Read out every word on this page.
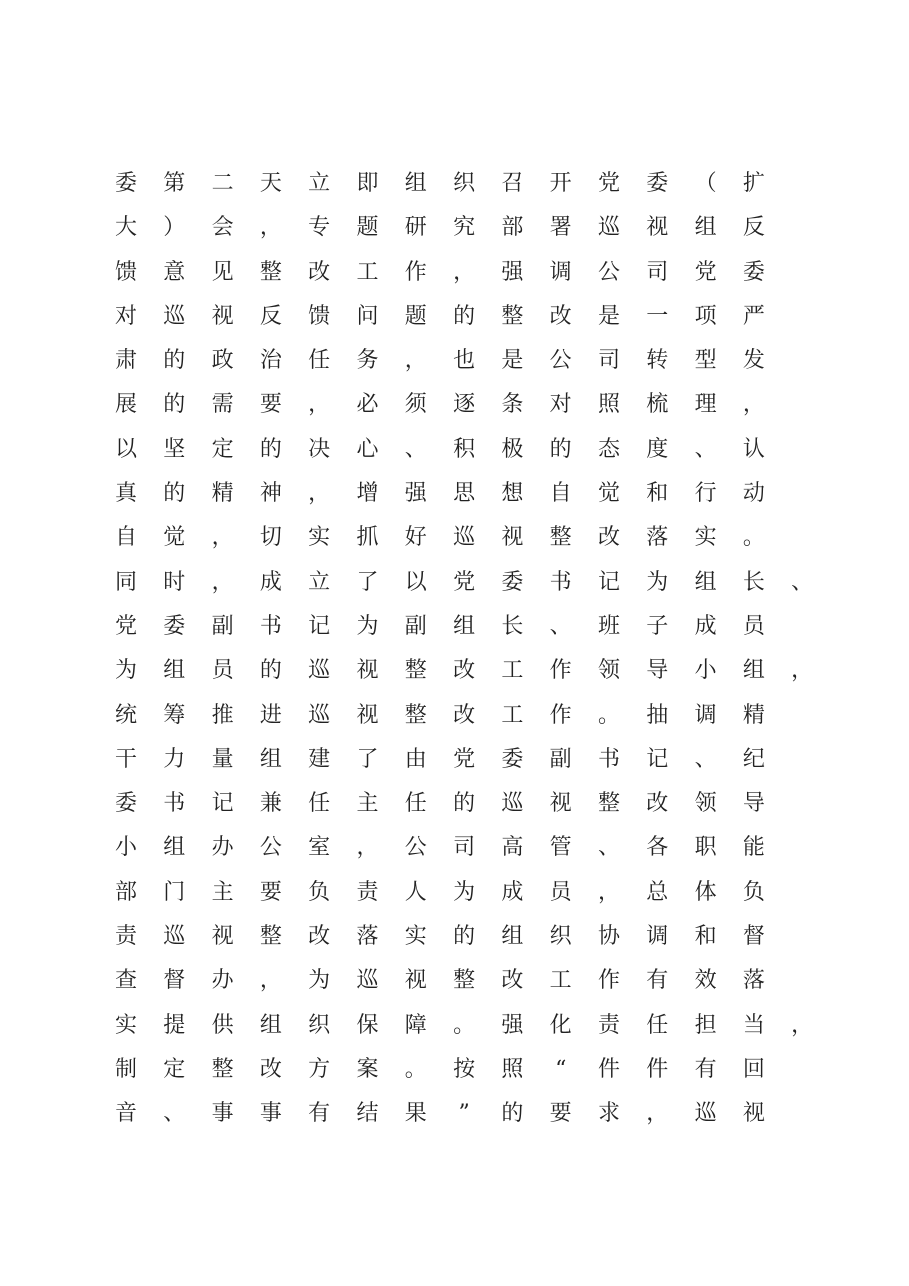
委 第 二 天 立 即 组 织 召 开 党 委 （ 扩
大 ） 会 ， 专 题 研 究 部 署 巡 视 组 反
馈 意 见 整 改 工 作 ， 强 调 公 司 党 委
对 巡 视 反 馈 问 题 的 整 改 是 一 项 严
肃 的 政 治 任 务 ， 也 是 公 司 转 型 发
展 的 需 要 ， 必 须 逐 条 对 照 梳 理 ，
以 坚 定 的 决 心 、 积 极 的 态 度 、 认
真 的 精 神 ， 增 强 思 想 自 觉 和 行 动
自 觉 ， 切 实 抓 好 巡 视 整 改 落 实 。
同 时 ， 成 立 了 以 党 委 书 记 为 组 长 、
党 委 副 书 记 为 副 组 长 、 班 子 成 员
为 组 员 的 巡 视 整 改 工 作 领 导 小 组 ，
统 筹 推 进 巡 视 整 改 工 作 。 抽 调 精
干 力 量 组 建 了 由 党 委 副 书 记 、 纪
委 书 记 兼 任 主 任 的 巡 视 整 改 领 导
小 组 办 公 室 ， 公 司 高 管 、 各 职 能
部 门 主 要 负 责 人 为 成 员 ， 总 体 负
责 巡 视 整 改 落 实 的 组 织 协 调 和 督
查 督 办 ， 为 巡 视 整 改 工 作 有 效 落
实 提 供 组 织 保 障 。 强 化 责 任 担 当 ，
制 定 整 改 方 案 。 按 照	“	件 件 有 回
音 、 事 事 有 结 果	”	的 要 求 ， 巡 视
